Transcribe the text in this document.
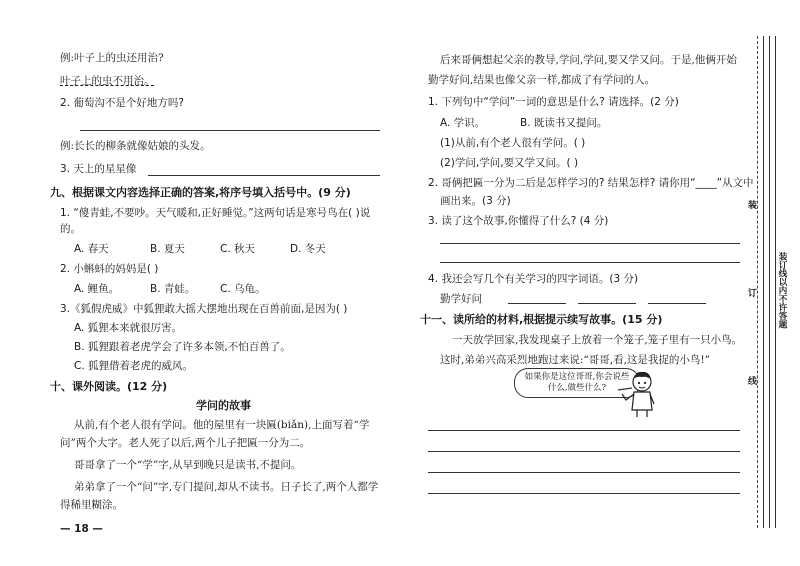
例:叶子上的虫还用治?
叶子上的虫不用治。
2. 葡萄沟不是个好地方吗?
例:长长的柳条就像姑娘的头发。
3. 天上的星星像
九、根据课文内容选择正确的答案,将序号填入括号中。(9 分)
1. “傻青蛙,不要吵。天气暖和,正好睡觉。”这两句话是寒号鸟在( )说
的。
A. 春天	B. 夏天	C. 秋天	D. 冬天
2. 小蝌蚪的妈妈是( )
A. 鲤鱼。	B. 青蛙。 C. 乌龟。
3.《狐假虎威》中狐狸敢大摇大摆地出现在百兽前面,是因为( )
A. 狐狸本来就很厉害。
B. 狐狸跟着老虎学会了许多本领,不怕百兽了。
C. 狐狸借着老虎的威风。
十、课外阅读。(12 分)
学问的故事
从前,有个老人很有学问。他的屋里有一块匾(biǎn),上面写着“学
问”两个大字。老人死了以后,两个儿子把匾一分为二。
哥哥拿了一个“学”字,从早到晚只是读书,不提问。
弟弟拿了一个“问”字,专门提问,却从不读书。日子长了,两个人都学
得稀里糊涂。
— 18 —
后来哥俩想起父亲的教导,学问,学问,要又学又问。于是,他俩开始
勤学好问,结果也像父亲一样,都成了有学问的人。
1. 下列句中“学问”一词的意思是什么? 请选择。(2 分)
A. 学识。	B. 既读书又提问。
(1)从前,有个老人很有学问。( )
(2)学问,学问,要又学又问。( )
2. 哥俩把匾一分为二后是怎样学习的? 结果怎样? 请你用“____”从文中
画出来。(3 分)
3. 读了这个故事,你懂得了什么? (4 分)
4. 我还会写几个有关学习的四字词语。(3 分)
勤学好问
十一、读所给的材料,根据提示续写故事。(15 分)
一天放学回家,我发现桌子上放着一个笼子,笼子里有一只小鸟。
这时,弟弟兴高采烈地跑过来说:“哥哥,看,这是我捉的小鸟!”
如果你是这位哥哥,你会说些什么,做些什么?
装
订
线
装订线以内不许答题
